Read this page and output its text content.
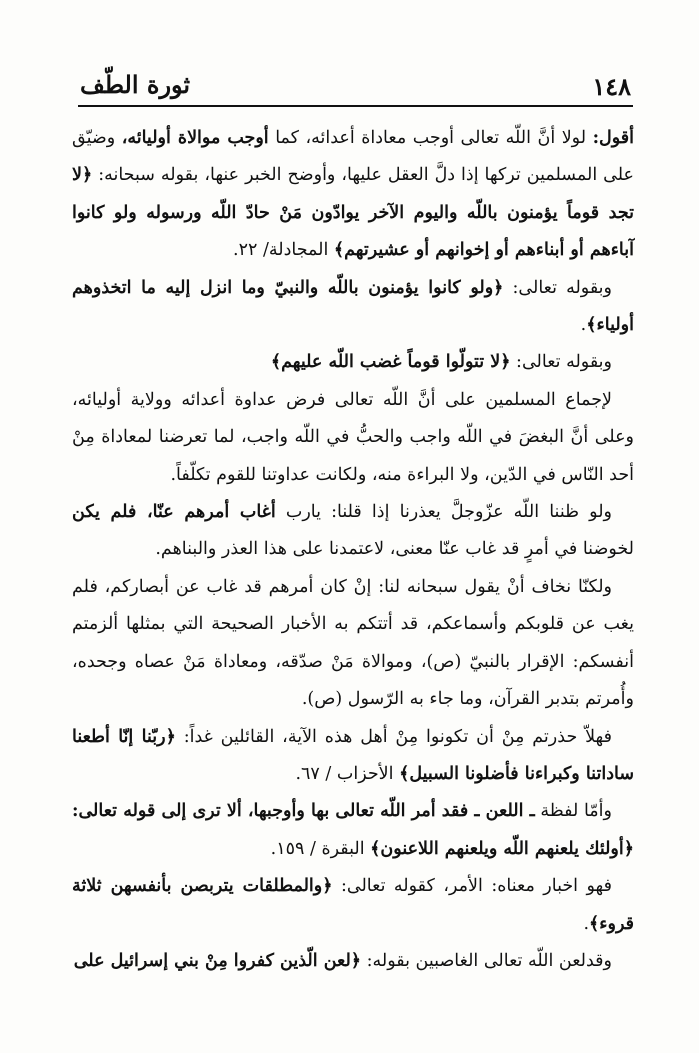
١٤٨
ثورة الطّف

أقول: لولا أنَّ اللّه تعالى أوجب معاداة أعدائه، كما أوجب موالاة أوليائه، وضيّق على المسلمين تركها إذا دلَّ العقل عليها، وأوضح الخبر عنها، بقوله سبحانه: ﴿لا تجد قوماً يؤمنون باللّه واليوم الآخر يوادّون مَنْ حادّ اللّه ورسوله ولو كانوا آباءهم أو أبناءهم أو إخوانهم أو عشيرتهم﴾ المجادلة/ ٢٢.

وبقوله تعالى: ﴿ولو كانوا يؤمنون باللّه والنبيّ وما انزل إليه ما اتخذوهم أولياء﴾.

وبقوله تعالى: ﴿لا تتولّوا قوماً غضب اللّه عليهم﴾

لإجماع المسلمين على أنَّ اللّه تعالى فرض عداوة أعدائه وولاية أوليائه، وعلى أنَّ البغضَ في اللّه واجب والحبُّ في اللّه واجب، لما تعرضنا لمعاداة مِنْ أحد النّاس في الدّين، ولا البراءة منه، ولكانت عداوتنا للقوم تكلّفاً.

ولو ظننا اللّه عزّوجلَّ يعذرنا إذا قلنا: يارب أغاب أمرهم عنّا، فلم يكن لخوضنا في أمرٍ قد غاب عنّا معنى، لاعتمدنا على هذا العذر والبناهم.

ولكنّا نخاف أنْ يقول سبحانه لنا: إنْ كان أمرهم قد غاب عن أبصاركم، فلم يغب عن قلوبكم وأسماعكم، قد أتتكم به الأخبار الصحيحة التي بمثلها ألزمتم أنفسكم: الإقرار بالنبيّ (ص)، وموالاة مَنْ صدّقه، ومعاداة مَنْ عصاه وجحده، وأُمرتم بتدبر القرآن، وما جاء به الرّسول (ص).

فهلاّ حذرتم مِنْ أن تكونوا مِنْ أهل هذه الآية، القائلين غداً: ﴿ربّنا إنّا أطعنا ساداتنا وكبراءنا فأضلونا السبيل﴾ الأحزاب / ٦٧.

وأمّا لفظة ـ اللعن ـ فقد أمر اللّه تعالى بها وأوجبها، ألا ترى إلى قوله تعالى: ﴿أولئك يلعنهم اللّه ويلعنهم اللاعنون﴾ البقرة / ١٥٩.

فهو اخبار معناه: الأمر، كقوله تعالى: ﴿والمطلقات يتربصن بأنفسهن ثلاثة قروء﴾.

وقدلعن اللّه تعالى الغاصبين بقوله: ﴿لعن الّذين كفروا مِنْ بني إسرائيل على
